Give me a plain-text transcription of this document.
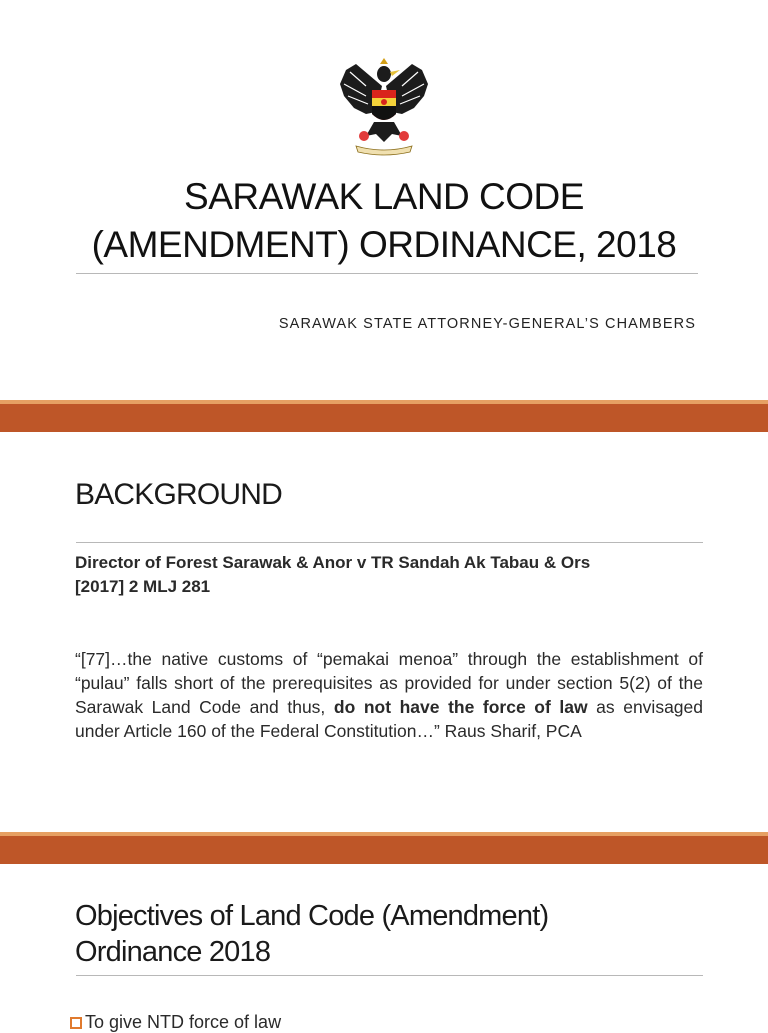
SARAWAK LAND CODE
(AMENDMENT) ORDINANCE, 2018
SARAWAK STATE ATTORNEY-GENERAL’S CHAMBERS
BACKGROUND
Director of Forest Sarawak & Anor v TR Sandah Ak Tabau & Ors
[2017] 2 MLJ 281
“[77]…the native customs of “pemakai menoa” through the establishment of “pulau” falls short of the prerequisites as provided for under section 5(2) of the Sarawak Land Code and thus, do not have the force of law as envisaged under Article 160 of the Federal Constitution…” Raus Sharif, PCA
Objectives of Land Code (Amendment)
Ordinance 2018
To give NTD force of law
